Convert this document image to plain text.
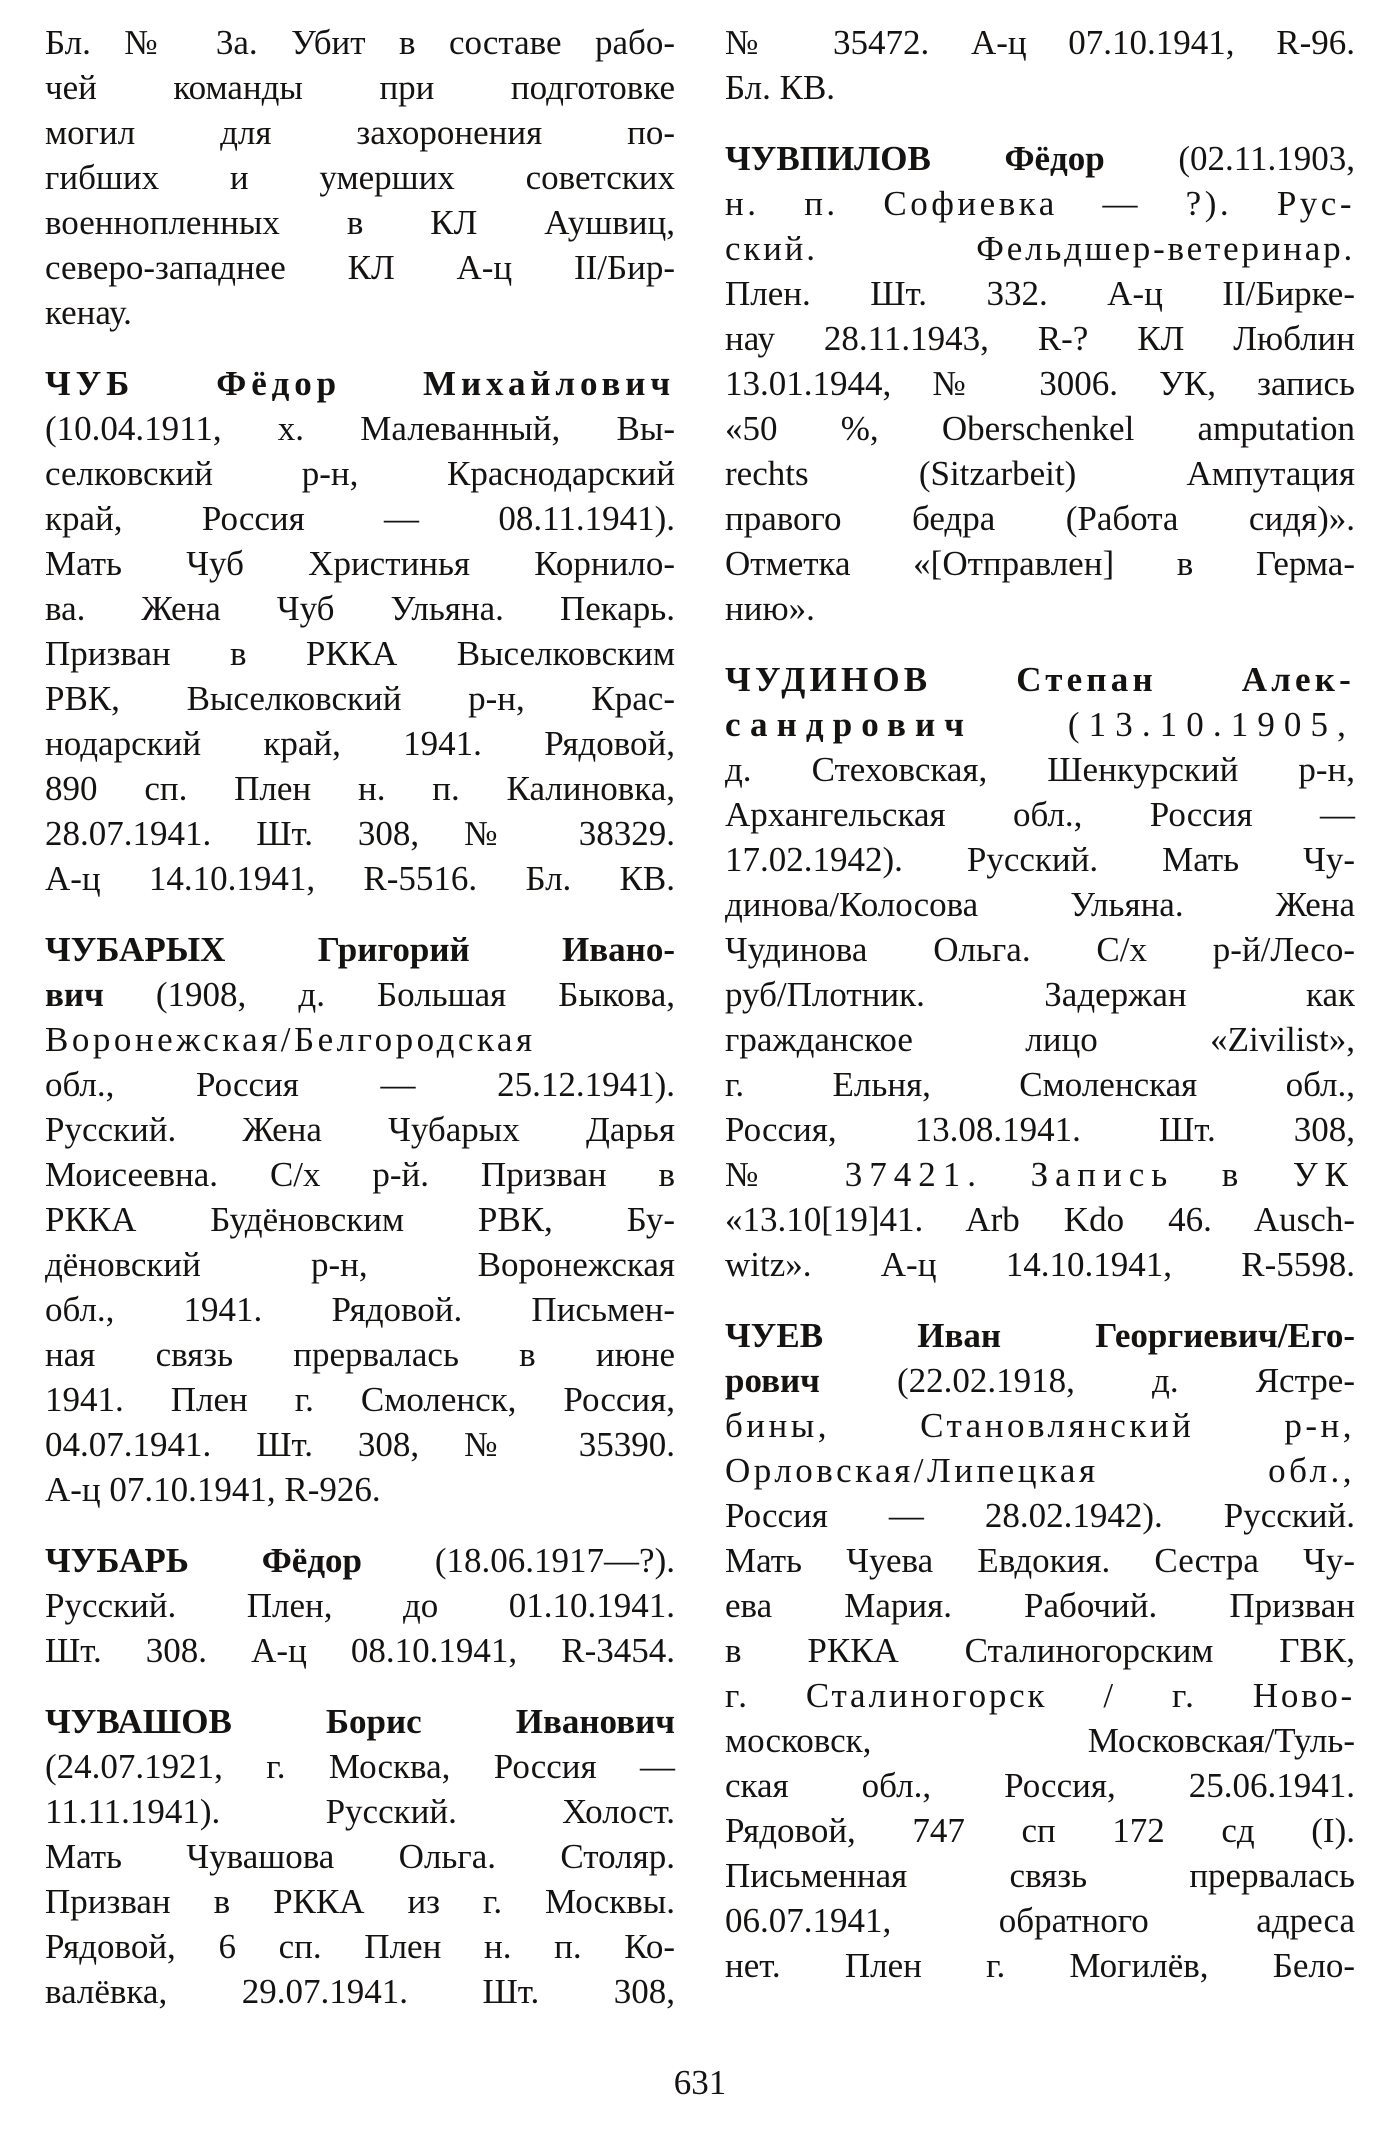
Бл. № 3а. Убит в составе рабо-
чей команды при подготовке
могил для захоронения по-
гибших и умерших советских
военнопленных в КЛ Аушвиц,
северо-западнее КЛ А-ц II/Бир-
кенау.
ЧУБ Фёдор Михайлович
(10.04.1911, х. Малеванный, Вы-
селковский р-н, Краснодарский
край, Россия — 08.11.1941).
Мать Чуб Христинья Корнило-
ва. Жена Чуб Ульяна. Пекарь.
Призван в РККА Выселковским
РВК, Выселковский р-н, Крас-
нодарский край, 1941. Рядовой,
890 сп. Плен н. п. Калиновка,
28.07.1941. Шт. 308, № 38329.
А-ц 14.10.1941, R-5516. Бл. КВ.
ЧУБАРЫХ Григорий Ивано-
вич (1908, д. Большая Быкова,
Воронежская/Белгородская
обл., Россия — 25.12.1941).
Русский. Жена Чубарых Дарья
Моисеевна. С/х р-й. Призван в
РККА Будёновским РВК, Бу-
дёновский р-н, Воронежская
обл., 1941. Рядовой. Письмен-
ная связь прервалась в июне
1941. Плен г. Смоленск, Россия,
04.07.1941. Шт. 308, № 35390.
А-ц 07.10.1941, R-926.
ЧУБАРЬ Фёдор (18.06.1917—?).
Русский. Плен, до 01.10.1941.
Шт. 308. А-ц 08.10.1941, R-3454.
ЧУВАШОВ Борис Иванович
(24.07.1921, г. Москва, Россия —
11.11.1941). Русский. Холост.
Мать Чувашова Ольга. Столяр.
Призван в РККА из г. Москвы.
Рядовой, 6 сп. Плен н. п. Ко-
валёвка, 29.07.1941. Шт. 308,
№ 35472. А-ц 07.10.1941, R-96.
Бл. КВ.
ЧУВПИЛОВ Фёдор (02.11.1903,
н. п. Софиевка — ?). Рус-
ский. Фельдшер-ветеринар.
Плен. Шт. 332. А-ц II/Бирке-
нау 28.11.1943, R-? КЛ Люблин
13.01.1944, № 3006. УК, запись
«50 %, Oberschenkel amputation
rechts (Sitzarbeit) Ампутация
правого бедра (Работа сидя)».
Отметка «[Отправлен] в Герма-
нию».
ЧУДИНОВ Степан Алек-
сандрович (13.10.1905,
д. Стеховская, Шенкурский р-н,
Архангельская обл., Россия —
17.02.1942). Русский. Мать Чу-
динова/Колосова Ульяна. Жена
Чудинова Ольга. С/х р-й/Лесо-
руб/Плотник. Задержан как
гражданское лицо «Zivilist»,
г. Ельня, Смоленская обл.,
Россия, 13.08.1941. Шт. 308,
№ 37421. Запись в УК
«13.10[19]41. Arb Kdo 46. Ausch-
witz». А-ц 14.10.1941, R-5598.
ЧУЕВ Иван Георгиевич/Его-
рович (22.02.1918, д. Ястре-
бины, Становлянский р-н,
Орловская/Липецкая обл.,
Россия — 28.02.1942). Русский.
Мать Чуева Евдокия. Сестра Чу-
ева Мария. Рабочий. Призван
в РККА Сталиногорским ГВК,
г. Сталиногорск / г. Ново-
московск, Московская/Туль-
ская обл., Россия, 25.06.1941.
Рядовой, 747 сп 172 сд (I).
Письменная связь прервалась
06.07.1941, обратного адреса
нет. Плен г. Могилёв, Бело-
631
